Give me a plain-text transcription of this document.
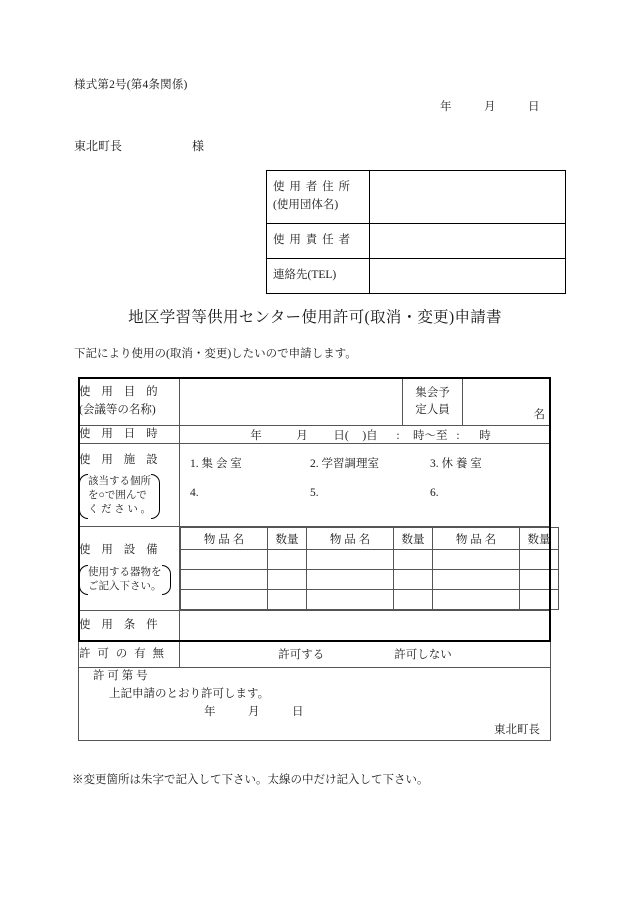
様式第2号(第4条関係)
年	月	日
東北町長	様
使 用 者 住 所
(使用団体名)	

使 用 責 任 者	

連絡先(TEL)	

地区学習等供用センター使用許可(取消・変更)申請書
下記により使用の(取消・変更)したいので申請します。
使 用 目 的
(会議等の名称)

集会予
定人員	名

使 用 日 時	年	月 日( )自 : 時〜至 : 時

使 用 施 設
該当する個所
を○で囲んで
く だ さ い 。

1. 集 会 室	2. 学習調理室	3. 休 養 室
4.	5.	6.

使 用 設 備
使用する器物を
ご記入下さい。

物 品 名	数量	物 品 名	数量	物 品 名	数量

使 用 条 件

許 可 の 有 無	許可する	許可しない

許 可 第 号
上記申請のとおり許可します。
年	月	日
東北町長
※変更箇所は朱字で記入して下さい。太線の中だけ記入して下さい。
